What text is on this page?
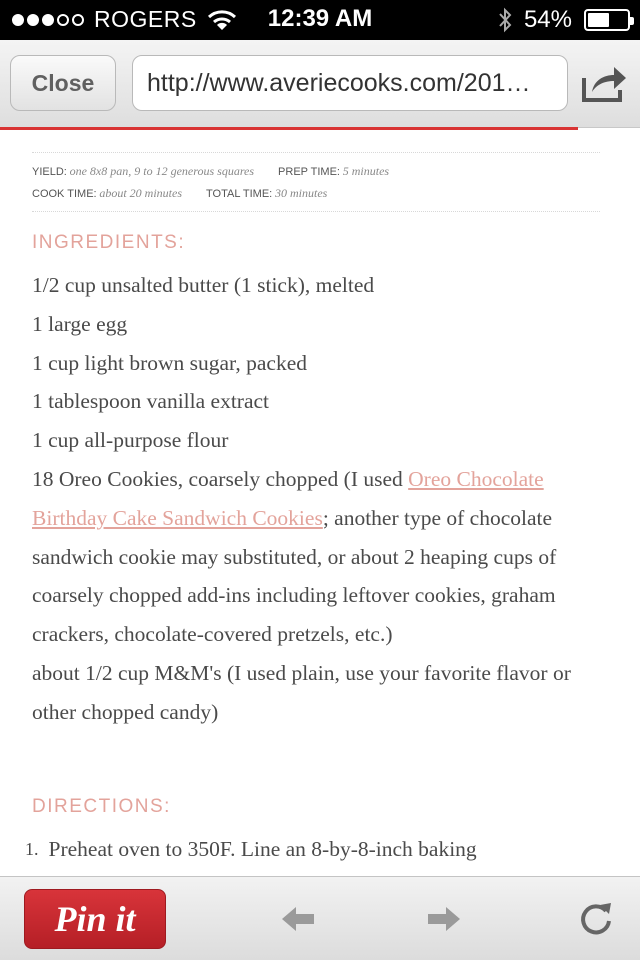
ROGERS	12:39 AM	54%
Close	http://www.averiecooks.com/201…
YIELD: one 8x8 pan, 9 to 12 generous squares PREP TIME: 5 minutes
COOK TIME: about 20 minutes TOTAL TIME: 30 minutes
INGREDIENTS:
1/2 cup unsalted butter (1 stick), melted
1 large egg
1 cup light brown sugar, packed
1 tablespoon vanilla extract
1 cup all-purpose flour
18 Oreo Cookies, coarsely chopped (I used Oreo Chocolate Birthday Cake Sandwich Cookies; another type of chocolate sandwich cookie may substituted, or about 2 heaping cups of coarsely chopped add-ins including leftover cookies, graham crackers, chocolate-covered pretzels, etc.)
about 1/2 cup M&M's (I used plain, use your favorite flavor or other chopped candy)
DIRECTIONS:
1. Preheat oven to 350F. Line an 8-by-8-inch baking
Pin it
